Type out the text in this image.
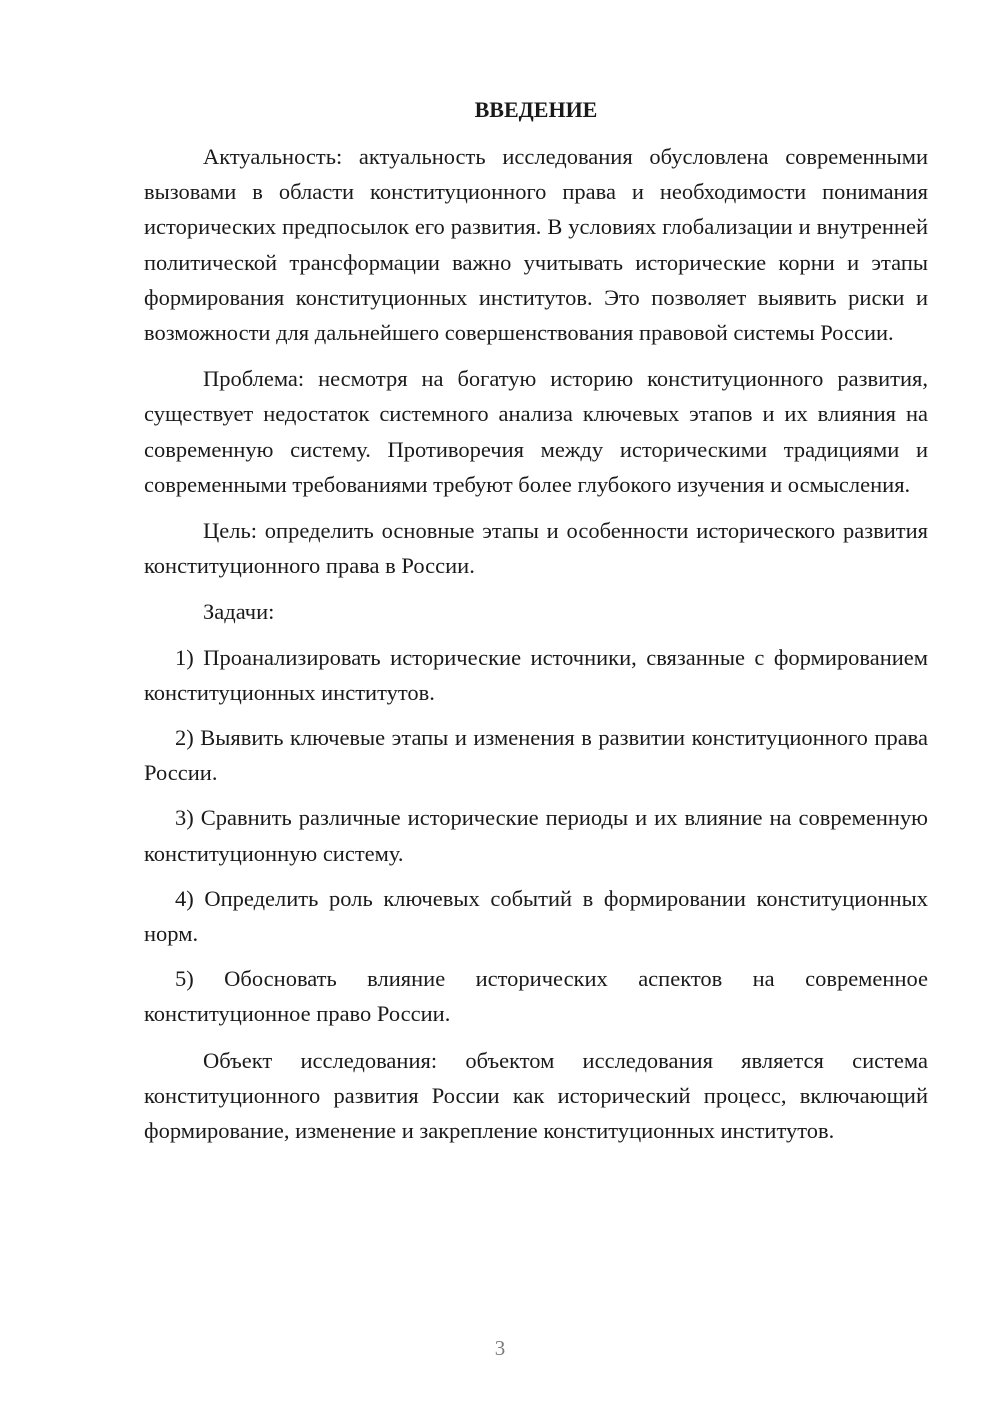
ВВЕДЕНИЕ

Актуальность: актуальность исследования обусловлена современными вызовами в области конституционного права и необходимости понимания исторических предпосылок его развития. В условиях глобализации и внутренней политической трансформации важно учитывать исторические корни и этапы формирования конституционных институтов. Это позволяет выявить риски и возможности для дальнейшего совершенствования правовой системы России.

Проблема: несмотря на богатую историю конституционного развития, существует недостаток системного анализа ключевых этапов и их влияния на современную систему. Противоречия между историческими традициями и современными требованиями требуют более глубокого изучения и осмысления.

Цель: определить основные этапы и особенности исторического развития конституционного права в России.

Задачи:

1) Проанализировать исторические источники, связанные с формированием конституционных институтов.

2) Выявить ключевые этапы и изменения в развитии конституционного права России.

3) Сравнить различные исторические периоды и их влияние на современную конституционную систему.

4) Определить роль ключевых событий в формировании конституционных норм.

5) Обосновать влияние исторических аспектов на современное конституционное право России.

Объект исследования: объектом исследования является система конституционного развития России как исторический процесс, включающий формирование, изменение и закрепление конституционных институтов.

3
